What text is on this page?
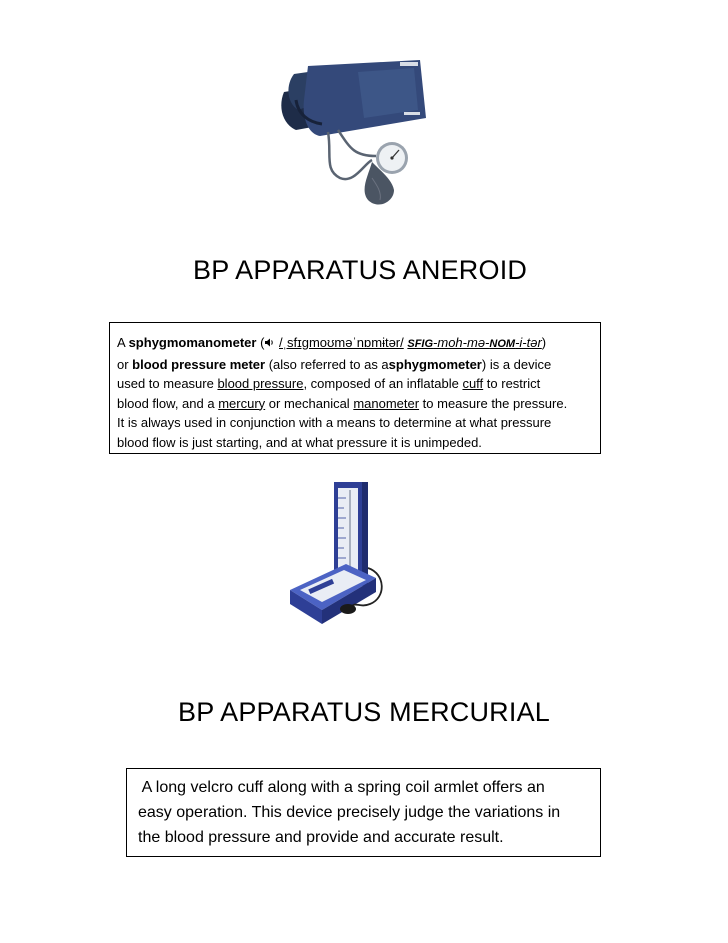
BP APPARATUS ANEROID
A sphygmomanometer ( /ˌsfɪɡmoʊməˈnɒmɨtər/ SFIG-moh-mə-NOM-i-tər)
or blood pressure meter (also referred to as asphygmometer) is a device
used to measure blood pressure, composed of an inflatable cuff to restrict
blood flow, and a mercury or mechanical manometer to measure the pressure.
It is always used in conjunction with a means to determine at what pressure
blood flow is just starting, and at what pressure it is unimpeded.
BP APPARATUS MERCURIAL
A long velcro cuff along with a spring coil armlet offers an
easy operation. This device precisely judge the variations in
the blood pressure and provide and accurate result.
